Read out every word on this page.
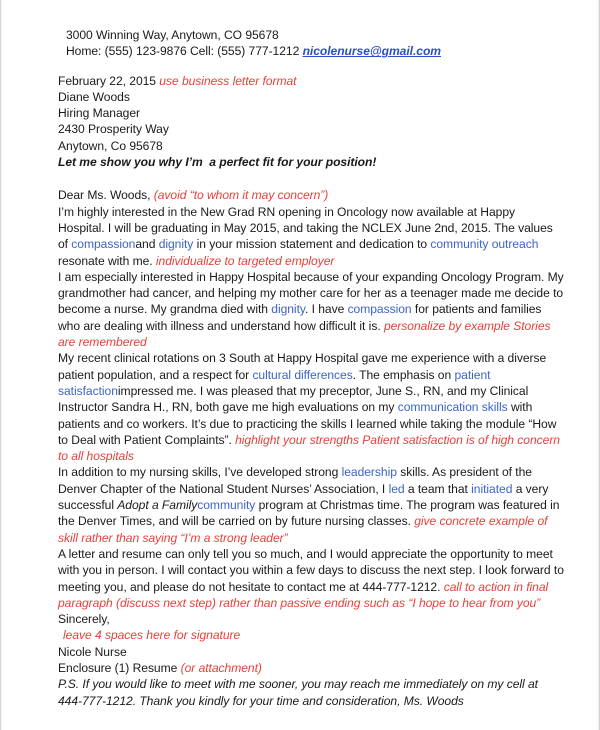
3000 Winning Way, Anytown, CO 95678
Home: (555) 123-9876 Cell: (555) 777-1212 nicolenurse@gmail.com
February 22, 2015 use business letter format
Diane Woods
Hiring Manager
2430 Prosperity Way
Anytown, Co 95678
Let me show you why I’m  a perfect fit for your position!
Dear Ms. Woods, (avoid “to whom it may concern”)

I’m highly interested in the New Grad RN opening in Oncology now available at Happy Hospital. I will be graduating in May 2015, and taking the NCLEX June 2nd, 2015. The values of compassionand dignity in your mission statement and dedication to community outreach resonate with me. individualize to targeted employer

I am especially interested in Happy Hospital because of your expanding Oncology Program. My grandmother had cancer, and helping my mother care for her as a teenager made me decide to become a nurse. My grandma died with dignity. I have compassion for patients and families who are dealing with illness and understand how difficult it is. personalize by example Stories are remembered

My recent clinical rotations on 3 South at Happy Hospital gave me experience with a diverse patient population, and a respect for cultural differences. The emphasis on patient satisfactionimpressed me. I was pleased that my preceptor, June S., RN, and my Clinical Instructor Sandra H., RN, both gave me high evaluations on my communication skills with patients and co workers. It’s due to practicing the skills I learned while taking the module “How to Deal with Patient Complaints”. highlight your strengths Patient satisfaction is of high concern to all hospitals

In addition to my nursing skills, I’ve developed strong leadership skills. As president of the Denver Chapter of the National Student Nurses’ Association, I led a team that initiated a very successful Adopt a Familycommunity program at Christmas time. The program was featured in the Denver Times, and will be carried on by future nursing classes. give concrete example of skill rather than saying “I’m a strong leader”

A letter and resume can only tell you so much, and I would appreciate the opportunity to meet with you in person. I will contact you within a few days to discuss the next step. I look forward to meeting you, and please do not hesitate to contact me at 444-777-1212. call to action in final paragraph (discuss next step) rather than passive ending such as “I hope to hear from you”

Sincerely,
leave 4 spaces here for signature
Nicole Nurse
Enclosure (1) Resume (or attachment)

P.S. If you would like to meet with me sooner, you may reach me immediately on my cell at 444-777-1212. Thank you kindly for your time and consideration, Ms. Woods
